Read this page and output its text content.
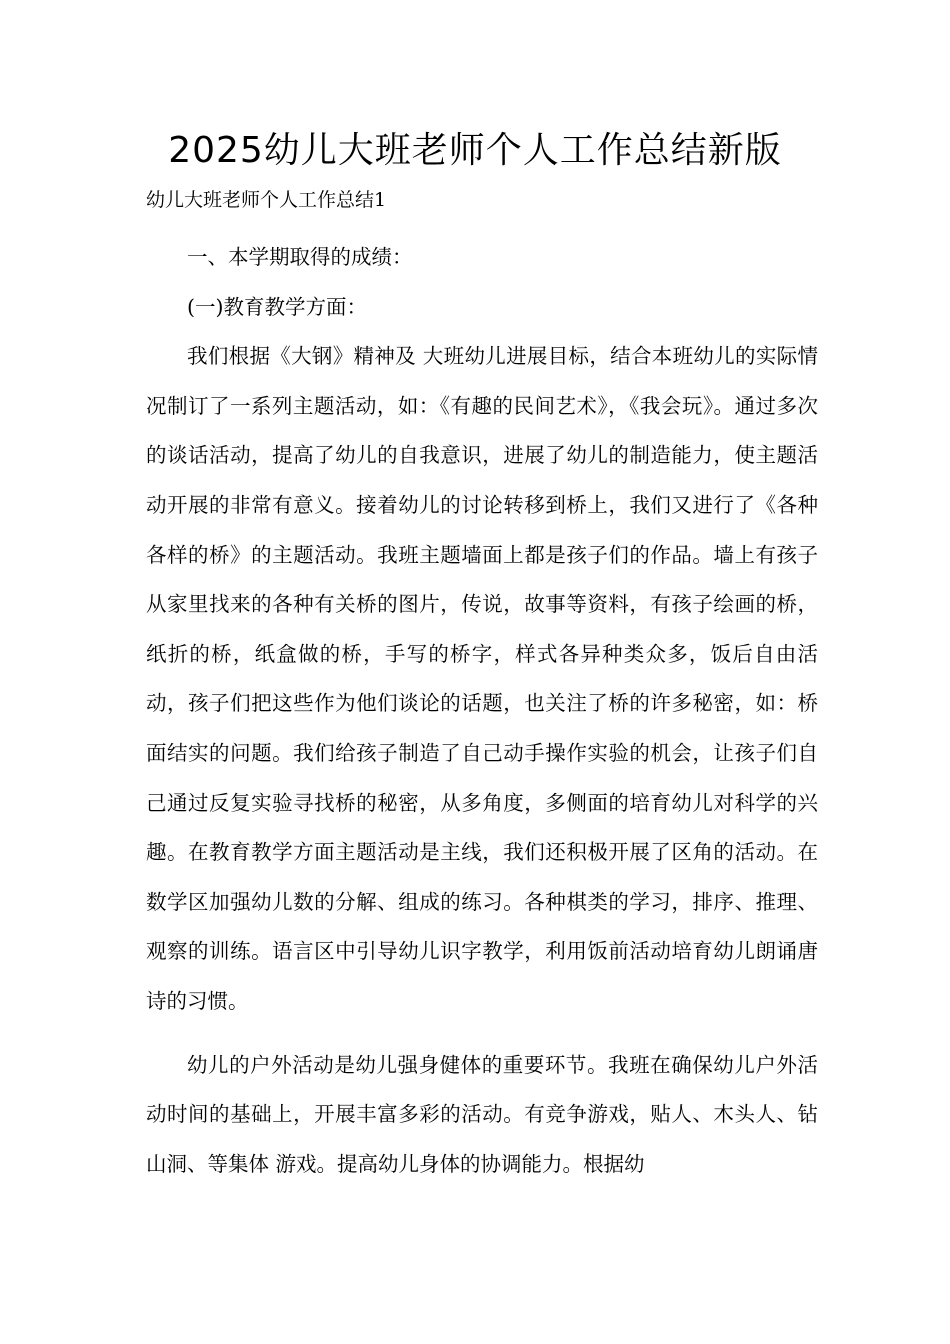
2025幼儿大班老师个人工作总结新版
幼儿大班老师个人工作总结1

一、本学期取得的成绩：

(一)教育教学方面：

我们根据《大钢》精神及 大班幼儿进展目标，结合本班幼儿的实际情况制订了一系列主题活动，如：《有趣的民间艺术》，《我会玩》。通过多次的谈话活动，提高了幼儿的自我意识，进展了幼儿的制造能力，使主题活动开展的非常有意义。接着幼儿的讨论转移到桥上，我们又进行了《各种各样的桥》的主题活动。我班主题墙面上都是孩子们的作品。墙上有孩子从家里找来的各种有关桥的图片，传说，故事等资料，有孩子绘画的桥，纸折的桥，纸盒做的桥，手写的桥字，样式各异种类众多，饭后自由活动，孩子们把这些作为他们谈论的话题，也关注了桥的许多秘密，如：桥面结实的问题。我们给孩子制造了自己动手操作实验的机会，让孩子们自己通过反复实验寻找桥的秘密，从多角度，多侧面的培育幼儿对科学的兴趣。在教育教学方面主题活动是主线，我们还积极开展了区角的活动。在数学区加强幼儿数的分解、组成的练习。各种棋类的学习，排序、推理、观察的训练。语言区中引导幼儿识字教学，利用饭前活动培育幼儿朗诵唐诗的习惯。

幼儿的户外活动是幼儿强身健体的重要环节。我班在确保幼儿户外活动时间的基础上，开展丰富多彩的活动。有竞争游戏，贴人、木头人、钻山洞、等集体 游戏。提高幼儿身体的协调能力。根据幼
